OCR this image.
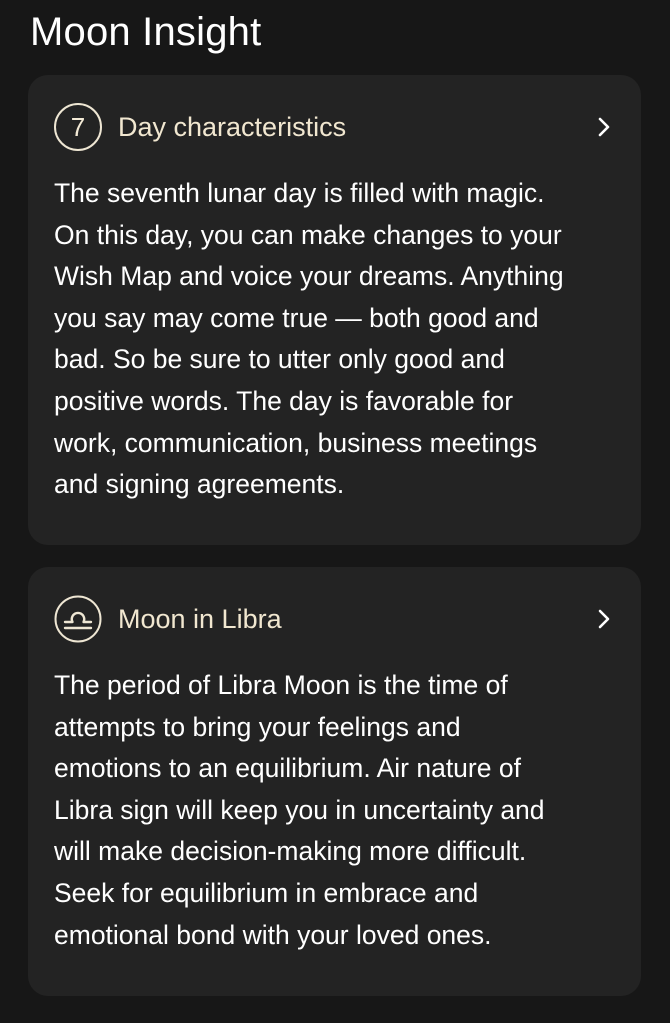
Moon Insight
7	Day characteristics

The seventh lunar day is filled with magic.
On this day, you can make changes to your
Wish Map and voice your dreams. Anything
you say may come true — both good and
bad. So be sure to utter only good and
positive words. The day is favorable for
work, communication, business meetings
and signing agreements.

Moon in Libra

The period of Libra Moon is the time of
attempts to bring your feelings and
emotions to an equilibrium. Air nature of
Libra sign will keep you in uncertainty and
will make decision-making more difficult.
Seek for equilibrium in embrace and
emotional bond with your loved ones.
